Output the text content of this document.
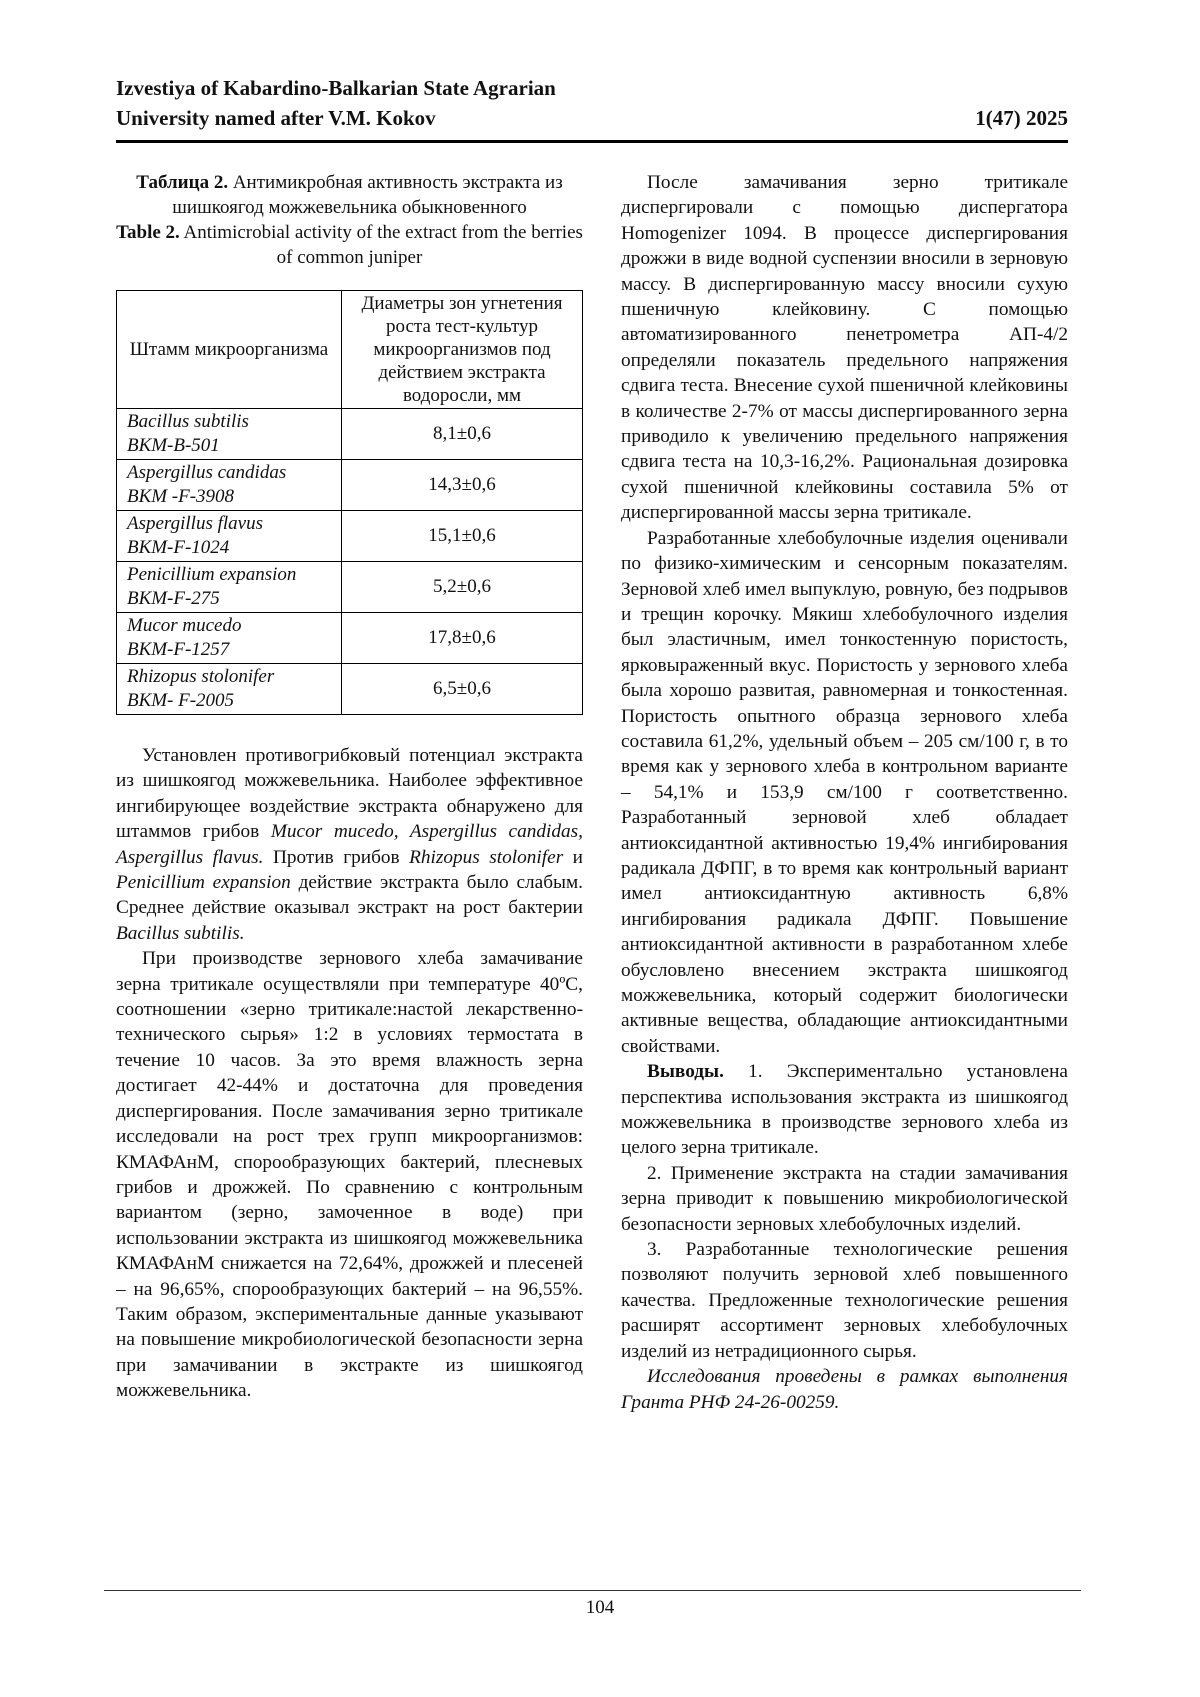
Izvestiya of Kabardino-Balkarian State Agrarian
University named after V.M. Kokov	1(47) 2025
Таблица 2. Антимикробная активность экстракта из шишкоягод можжевельника обыкновенного
Table 2. Antimicrobial activity of the extract from the berries of common juniper
Штамм микроорганизма	Диаметры зон угнетения роста тест-культур микроорганизмов под действием экстракта водоросли, мм

Bacillus subtilis
ВКМ-В-501	8,1±0,6

Aspergillus candidas
ВКМ -F-3908	14,3±0,6

Aspergillus flavus
ВКМ-F-1024	15,1±0,6

Penicillium expansion
ВКМ-F-275	5,2±0,6

Mucor mucedo
ВКМ-F-1257	17,8±0,6

Rhizopus stolonifer
ВКМ- F-2005	6,5±0,6

Установлен противогрибковый потенциал экстракта из шишкоягод можжевельника. Наиболее эффективное ингибирующее воздействие экстракта обнаружено для штаммов грибов Mucor mucedo, Aspergillus candidas, Aspergillus flavus. Против грибов Rhizopus stolonifer и Penicillium expansion действие экстракта было слабым. Среднее действие оказывал экстракт на рост бактерии Bacillus subtilis.

При производстве зернового хлеба замачивание зерна тритикале осуществляли при температуре 40ºС, соотношении «зерно тритикале:настой лекарственно-технического сырья» 1:2 в условиях термостата в течение 10 часов. За это время влажность зерна достигает 42-44% и достаточна для проведения диспергирования. После замачивания зерно тритикале исследовали на рост трех групп микроорганизмов: КМАФАнМ, спорообразующих бактерий, плесневых грибов и дрожжей. По сравнению с контрольным вариантом (зерно, замоченное в воде) при использовании экстракта из шишкоягод можжевельника КМАФАнМ снижается на 72,64%, дрожжей и плесеней – на 96,65%, спорообразующих бактерий – на 96,55%. Таким образом, экспериментальные данные указывают на повышение микробиологической безопасности зерна при замачивании в экстракте из шишкоягод можжевельника.

После замачивания зерно тритикале диспергировали с помощью диспергатора Homogenizer 1094. В процессе диспергирования дрожжи в виде водной суспензии вносили в зерновую массу. В диспергированную массу вносили сухую пшеничную клейковину. С помощью автоматизированного пенетрометра АП-4/2 определяли показатель предельного напряжения сдвига теста. Внесение сухой пшеничной клейковины в количестве 2-7% от массы диспергированного зерна приводило к увеличению предельного напряжения сдвига теста на 10,3-16,2%. Рациональная дозировка сухой пшеничной клейковины составила 5% от диспергированной массы зерна тритикале.

Разработанные хлебобулочные изделия оценивали по физико-химическим и сенсорным показателям. Зерновой хлеб имел выпуклую, ровную, без подрывов и трещин корочку. Мякиш хлебобулочного изделия был эластичным, имел тонкостенную пористость, ярковыраженный вкус. Пористость у зернового хлеба была хорошо развитая, равномерная и тонкостенная. Пористость опытного образца зернового хлеба составила 61,2%, удельный объем – 205 см/100 г, в то время как у зернового хлеба в контрольном варианте – 54,1% и 153,9 см/100 г соответственно. Разработанный зерновой хлеб обладает антиоксидантной активностью 19,4% ингибирования радикала ДФПГ, в то время как контрольный вариант имел антиоксидантную активность 6,8% ингибирования радикала ДФПГ. Повышение антиоксидантной активности в разработанном хлебе обусловлено внесением экстракта шишкоягод можжевельника, который содержит биологически активные вещества, обладающие антиоксидантными свойствами.

Выводы. 1. Экспериментально установлена перспектива использования экстракта из шишкоягод можжевельника в производстве зернового хлеба из целого зерна тритикале.

2. Применение экстракта на стадии замачивания зерна приводит к повышению микробиологической безопасности зерновых хлебобулочных изделий.

3. Разработанные технологические решения позволяют получить зерновой хлеб повышенного качества. Предложенные технологические решения расширят ассортимент зерновых хлебобулочных изделий из нетрадиционного сырья.

Исследования проведены в рамках выполнения Гранта РНФ 24-26-00259.

104
